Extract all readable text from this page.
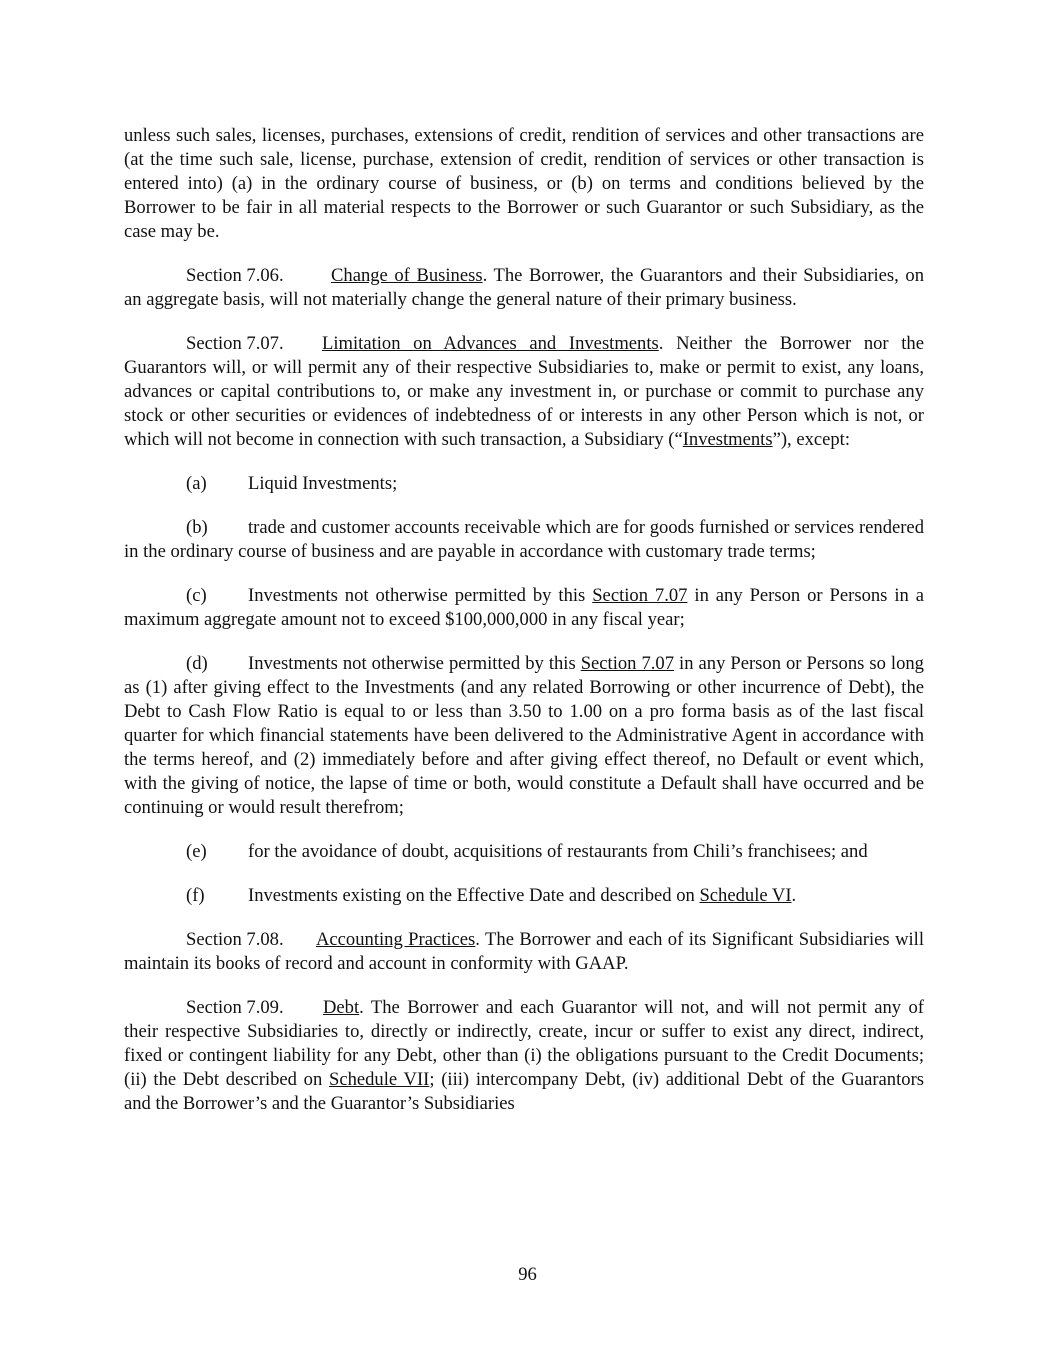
unless such sales, licenses, purchases, extensions of credit, rendition of services and other transactions are (at the time such sale, license, purchase, extension of credit, rendition of services or other transaction is entered into) (a) in the ordinary course of business, or (b) on terms and conditions believed by the Borrower to be fair in all material respects to the Borrower or such Guarantor or such Subsidiary, as the case may be.

Section 7.06.	Change of Business. The Borrower, the Guarantors and their Subsidiaries, on an aggregate basis, will not materially change the general nature of their primary business.

Section 7.07. Limitation on Advances and Investments. Neither the Borrower nor the Guarantors will, or will permit any of their respective Subsidiaries to, make or permit to exist, any loans, advances or capital contributions to, or make any investment in, or purchase or commit to purchase any stock or other securities or evidences of indebtedness of or interests in any other Person which is not, or which will not become in connection with such transaction, a Subsidiary (“Investments”), except:

(a) Liquid Investments;

(b) trade and customer accounts receivable which are for goods furnished or services rendered in the ordinary course of business and are payable in accordance with customary trade terms;

(c) Investments not otherwise permitted by this Section 7.07 in any Person or Persons in a maximum aggregate amount not to exceed $100,000,000 in any fiscal year;

(d) Investments not otherwise permitted by this Section 7.07 in any Person or Persons so long as (1) after giving effect to the Investments (and any related Borrowing or other incurrence of Debt), the Debt to Cash Flow Ratio is equal to or less than 3.50 to 1.00 on a pro forma basis as of the last fiscal quarter for which financial statements have been delivered to the Administrative Agent in accordance with the terms hereof, and (2) immediately before and after giving effect thereof, no Default or event which, with the giving of notice, the lapse of time or both, would constitute a Default shall have occurred and be continuing or would result therefrom;

(e) for the avoidance of doubt, acquisitions of restaurants from Chili’s franchisees; and

(f) Investments existing on the Effective Date and described on Schedule VI.

Section 7.08. Accounting Practices. The Borrower and each of its Significant Subsidiaries will maintain its books of record and account in conformity with GAAP.

Section 7.09. Debt. The Borrower and each Guarantor will not, and will not permit any of their respective Subsidiaries to, directly or indirectly, create, incur or suffer to exist any direct, indirect, fixed or contingent liability for any Debt, other than (i) the obligations pursuant to the Credit Documents; (ii) the Debt described on Schedule VII; (iii) intercompany Debt, (iv) additional Debt of the Guarantors and the Borrower’s and the Guarantor’s Subsidiaries

96
